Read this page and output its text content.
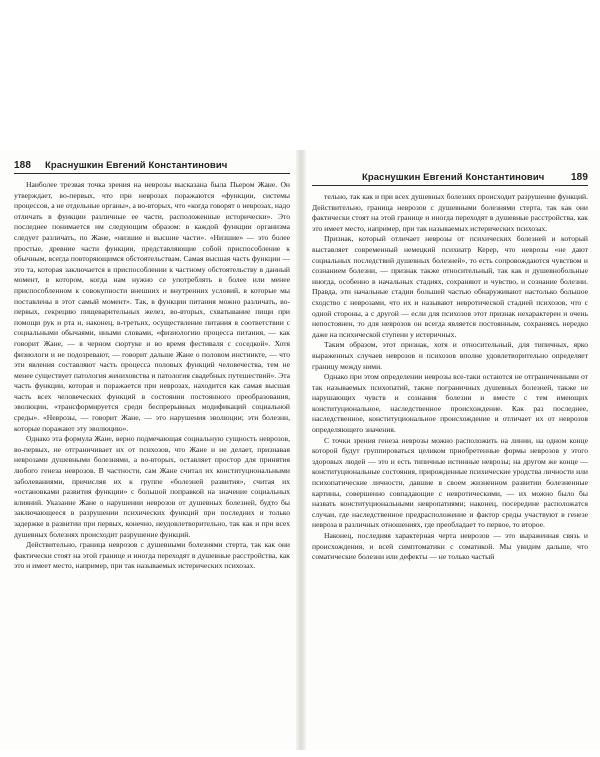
188	Краснушкин Евгений Константинович

Наиболее трезвая точка зрения на неврозы высказана была Пьером Жане. Он утверждает, во-первых, что при неврозах поражаются «функции, системы процессов, а не отдельные органы», а во-вторых, что «когда говорят о неврозах, надо отличать в функции различные ее части, расположенные исторически». Это последнее понимается им следующим образом: в каждой функции организма следует различать, по Жане, «низшие и высшие части». «Низшие» — это более простые, древние части функции, представляющие собой приспособление к обычным, всегда повторяющимся обстоятельствам. Самая высшая часть функции — это та, которая заключается в приспособлении к частному обстоятельству в данный момент, в котором, когда нам нужно се употреблять в более или менее приспособленном к совокупности внешних и внутренних условий, в которые мы поставлены в этот самый момент». Так, в функции питания можно различать, во-первых, секрецию пищеварительных желез, во-вторых, схватывание пищи при помощи рук и рта и, наконец, в-третьих, осуществление питания в соответствии с социальными обычаями, иными словами, «физиологию процесса питания, — как говорит Жане, — в черном сюртуке и во время фестиваля с соседкой». Хотя физиологи и не подозревают, — говорит дальше Жане о половом инстинкте, — что эти явления составляют часть процесса половых функций человечества, тем не менее существует патология жениховства и патология свадебных путешествий». Эта часть функции, которая и поражается при неврозах, находится как самая высшая часть всех человеческих функций в состоянии постоянного преобразования, эволюции, «трансформируется среди беспрерывных модификаций социальной среды». «Неврозы, — говорит Жане, — это нарушения эволюции; эти болезни, которые поражают эту эволюцию».

Однако эта формула Жане, верно подмечающая социальную сущность неврозов, во-первых, не отграничивает их от психозов, что Жане и не делает, признавая неврозами душевными болезнями, а во-вторых, оставляет простор для принятия любого генеза неврозов. В частности, сам Жане считал их конституциональными заболеваниями, причисляя их к группе «болезней развития», считая их «остановками развития функции» с большой поправкой на значение социальных влияний. Указание Жане о нарушении неврозов от душевных болезней, будто бы заключающееся в разрушении психических функций при последних и только задержке в развитии при первых, конечно, неудовлетворительно, так как и при всех душевных болезнях происходит разрушение функций.

Действительно, граница неврозов с душевными болезнями стерта, так как они фактически стоят на этой границе и иногда переходят в душевные расстройства, как это и имеет место, например, при так называемых истерических психозах.

Краснушкин Евгений Константинович	189

тельно, так как и при всех душевных болезнях происходит разрушение функций. Действительно, граница неврозов с душевными болезнями стерта, так как они фактически стоят на этой границе и иногда переходят в душевные расстройства, как это имеет место, например, при так называемых истерических психозах.

Признак, который отличает неврозы от психических болезней и который выставляет современный немецкий психиатр Керер, что неврозы «не дают социальных последствий душевных болезней», то есть сопровождаются чувством и сознанием болезни, — признак также относительный, так как и душевнобольные иногда, особенно в начальных стадиях, сохраняют и чувство, и сознание болезни. Правда, эти начальные стадии большей частью обнаруживают настолько большое сходство с неврозами, что их и называют невротической стадией психозов, что с одной стороны, а с другой — если для психозов этот признак нехарактерен и очень непостоянен, то для неврозов он всегда является постоянным, сохраняясь нередко даже на психической ступени у истеричных.

Таким образом, этот признак, хотя и относительный, для типичных, ярко выраженных случаев неврозов и психозов вполне удовлетворительно определяет границу между ними.

Однако при этом определении неврозы все-таки остаются не отграниченными от так называемых психопатий, также пограничных душевных болезней, также не нарушающих чувств и сознания болезни и вместе с тем имеющих конституциональное, наследственное происхождение. Как раз последнее, наследственное, конституциональное происхождение и отличает их от неврозов определяющего значения.

С точки зрения генеза неврозы можно расположить на линии, на одном конце которой будут группироваться целиком приобретенные формы неврозов у этого здоровых людей — это и есть типичные истинные неврозы; на другом же конце — конституциональные состояния, прирожденные психические уродства личности или психопатические личности, давшие в своем жизненном развитии болезненные картины, совершенно совпадающие с невротическими, — их можно было бы назвать конституциональными невропатиями; наконец, посередине расположатся случаи, где наследственное предрасположение и фактор среды участвуют в генезе невроза в различных отношениях, где преобладает то первое, то второе.

Наконец, последняя характерная черта неврозов — это выраженная связь и происхождения, и всей симптоматики с соматикой. Мы увидим дальше, что соматические болезни или дефекты — не только частый
